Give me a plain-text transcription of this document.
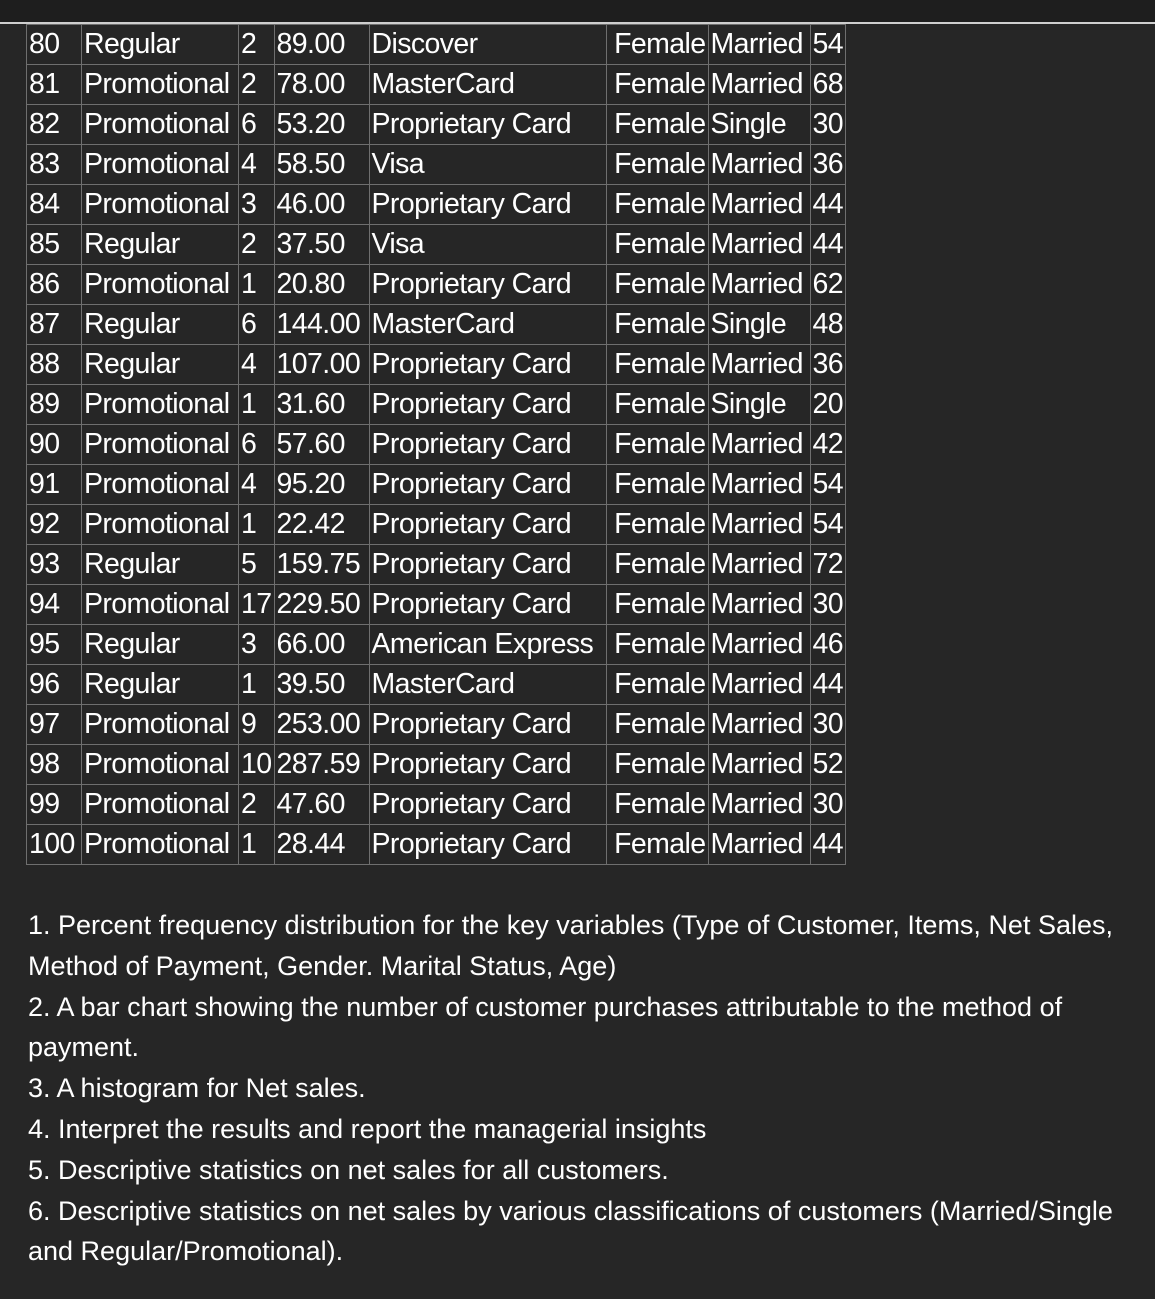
80	Regular	2	89.00	Discover	Female	Married	54
81	Promotional	2	78.00	MasterCard	Female	Married	68
82	Promotional	6	53.20	Proprietary Card	Female	Single	30
83	Promotional	4	58.50	Visa	Female	Married	36
84	Promotional	3	46.00	Proprietary Card	Female	Married	44
85	Regular	2	37.50	Visa	Female	Married	44
86	Promotional	1	20.80	Proprietary Card	Female	Married	62
87	Regular	6	144.00	MasterCard	Female	Single	48
88	Regular	4	107.00	Proprietary Card	Female	Married	36
89	Promotional	1	31.60	Proprietary Card	Female	Single	20
90	Promotional	6	57.60	Proprietary Card	Female	Married	42
91	Promotional	4	95.20	Proprietary Card	Female	Married	54
92	Promotional	1	22.42	Proprietary Card	Female	Married	54
93	Regular	5	159.75	Proprietary Card	Female	Married	72
94	Promotional	17	229.50	Proprietary Card	Female	Married	30
95	Regular	3	66.00	American Express	Female	Married	46
96	Regular	1	39.50	MasterCard	Female	Married	44
97	Promotional	9	253.00	Proprietary Card	Female	Married	30
98	Promotional	10	287.59	Proprietary Card	Female	Married	52
99	Promotional	2	47.60	Proprietary Card	Female	Married	30
100	Promotional	1	28.44	Proprietary Card	Female	Married	44

1. Percent frequency distribution for the key variables (Type of Customer, Items, Net Sales, Method of Payment, Gender. Marital Status, Age)

2. A bar chart showing the number of customer purchases attributable to the method of payment.

3. A histogram for Net sales.

4. Interpret the results and report the managerial insights

5. Descriptive statistics on net sales for all customers.

6. Descriptive statistics on net sales by various classifications of customers (Married/Single and Regular/Promotional).
